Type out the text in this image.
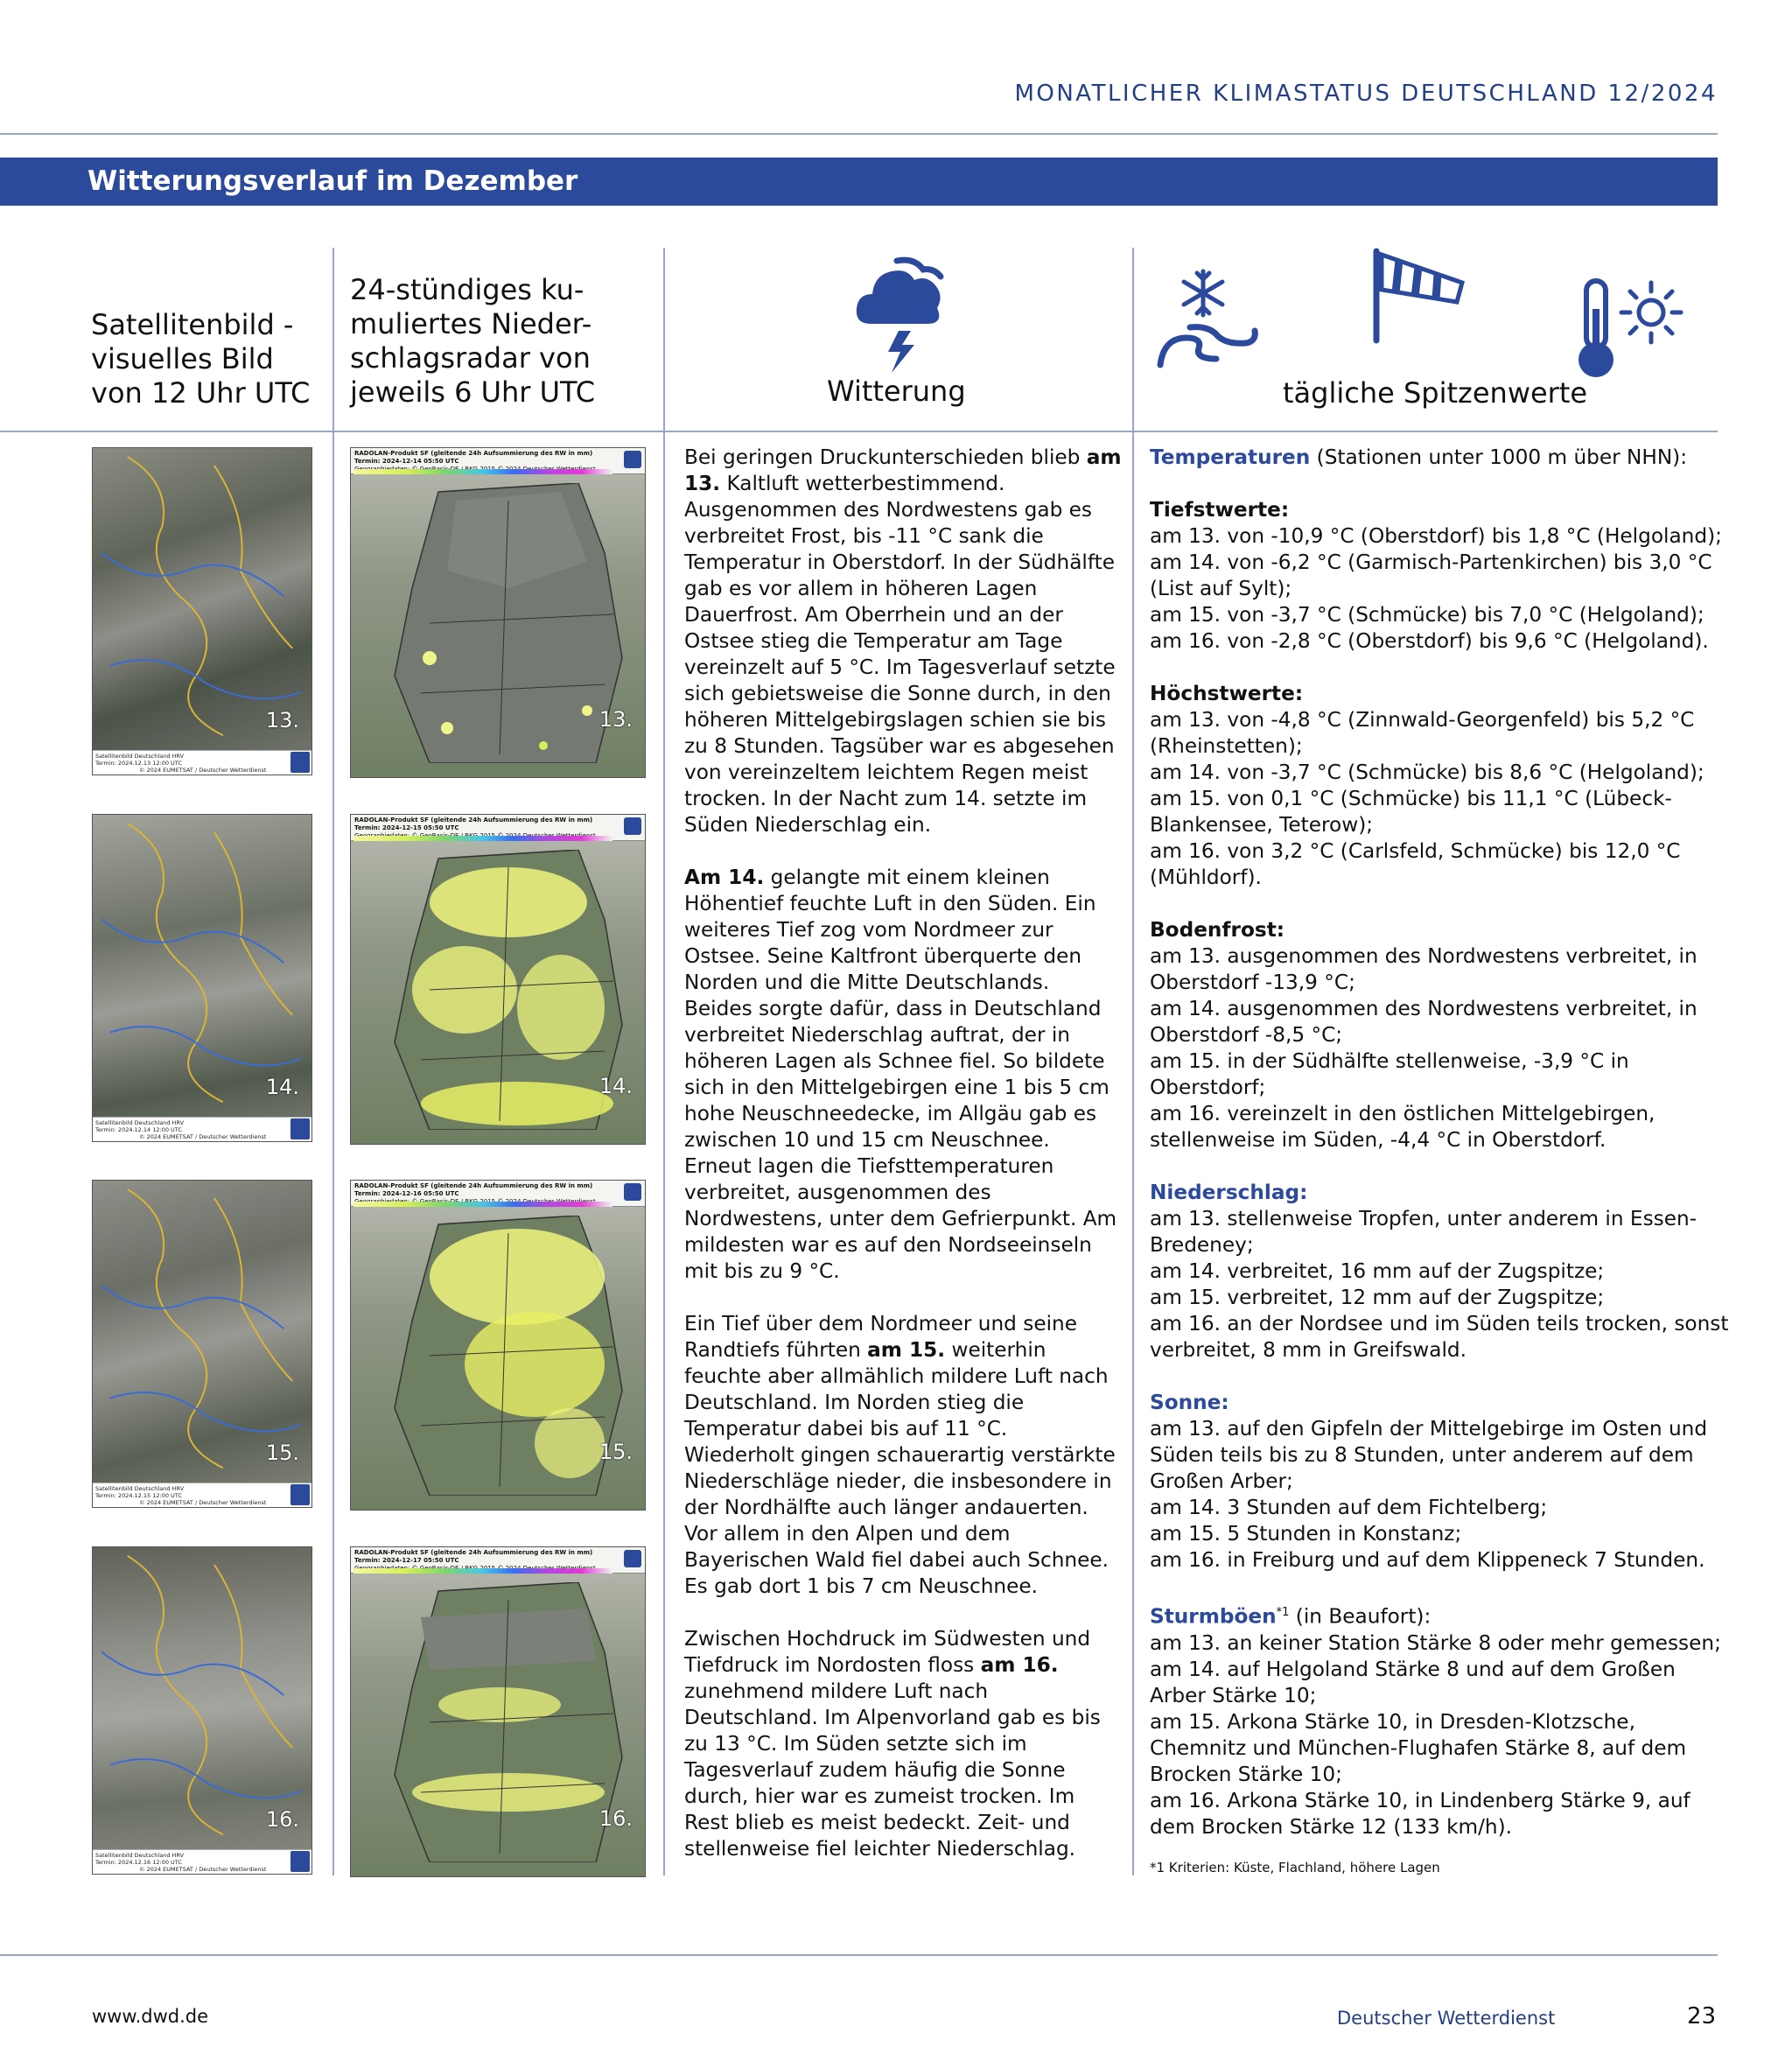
MONATLICHER KLIMASTATUS DEUTSCHLAND 12/2024
Witterungsverlauf im Dezember
Satellitenbild -
visuelles Bild
von 12 Uhr UTC
24-stündiges ku-
muliertes Nieder-
schlagsradar von
jeweils 6 Uhr UTC	Witterung	tägliche Spitzenwerte
13.
Satellitenbild Deutschland HRV
Termin: 2024.12.13 12:00 UTC
© 2024 EUMETSAT / Deutscher Wetterdienst
14.
Satellitenbild Deutschland HRV
Termin: 2024.12.14 12:00 UTC
© 2024 EUMETSAT / Deutscher Wetterdienst
15.
Satellitenbild Deutschland HRV
Termin: 2024.12.15 12:00 UTC
© 2024 EUMETSAT / Deutscher Wetterdienst
16.
Satellitenbild Deutschland HRV
Termin: 2024.12.16 12:00 UTC
© 2024 EUMETSAT / Deutscher Wetterdienst
RADOLAN-Produkt SF (gleitende 24h Aufsummierung des RW in mm)
Termin: 2024-12-14 05:50 UTC
13.
RADOLAN-Produkt SF (gleitende 24h Aufsummierung des RW in mm)
Termin: 2024-12-15 05:50 UTC
14.
RADOLAN-Produkt SF (gleitende 24h Aufsummierung des RW in mm)
Termin: 2024-12-16 05:50 UTC
15.
RADOLAN-Produkt SF (gleitende 24h Aufsummierung des RW in mm)
Termin: 2024-12-17 05:50 UTC
16.

Bei geringen Druckunterschieden blieb am 13. Kaltluft wetterbestimmend. Ausgenommen des Nordwestens gab es verbreitet Frost, bis -11 °C sank die Temperatur in Oberstdorf. In der Südhälfte gab es vor allem in höheren Lagen Dauerfrost. Am Oberrhein und an der Ostsee stieg die Temperatur am Tage vereinzelt auf 5 °C. Im Tagesverlauf setzte sich gebietsweise die Sonne durch, in den höheren Mittelgebirgslagen schien sie bis zu 8 Stunden. Tagsüber war es abgesehen von vereinzeltem leichtem Regen meist trocken. In der Nacht zum 14. setzte im Süden Niederschlag ein.

Am 14. gelangte mit einem kleinen Höhentief feuchte Luft in den Süden. Ein weiteres Tief zog vom Nordmeer zur Ostsee. Seine Kaltfront überquerte den Norden und die Mitte Deutschlands. Beides sorgte dafür, dass in Deutschland verbreitet Niederschlag auftrat, der in höheren Lagen als Schnee fiel. So bildete sich in den Mittelgebirgen eine 1 bis 5 cm hohe Neuschneedecke, im Allgäu gab es zwischen 10 und 15 cm Neuschnee. Erneut lagen die Tiefsttemperaturen verbreitet, ausgenommen des Nordwestens, unter dem Gefrierpunkt. Am mildesten war es auf den Nordseeinseln mit bis zu 9 °C.

Ein Tief über dem Nordmeer und seine Randtiefs führten am 15. weiterhin feuchte aber allmählich mildere Luft nach Deutschland. Im Norden stieg die Temperatur dabei bis auf 11 °C. Wiederholt gingen schauerartig verstärkte Niederschläge nieder, die insbesondere in der Nordhälfte auch länger andauerten. Vor allem in den Alpen und dem Bayerischen Wald fiel dabei auch Schnee. Es gab dort 1 bis 7 cm Neuschnee.

Zwischen Hochdruck im Südwesten und Tiefdruck im Nordosten floss am 16. zunehmend mildere Luft nach Deutschland. Im Alpenvorland gab es bis zu 13 °C. Im Süden setzte sich im Tagesverlauf zudem häufig die Sonne durch, hier war es zumeist trocken. Im Rest blieb es meist bedeckt. Zeit- und stellenweise fiel leichter Niederschlag.

Temperaturen (Stationen unter 1000 m über NHN):
Tiefstwerte:
am 13. von -10,9 °C (Oberstdorf) bis 1,8 °C (Helgoland);
am 14. von -6,2 °C (Garmisch-Partenkirchen) bis 3,0 °C (List auf Sylt);
am 15. von -3,7 °C (Schmücke) bis 7,0 °C (Helgoland);
am 16. von -2,8 °C (Oberstdorf) bis 9,6 °C (Helgoland).
Höchstwerte:
am 13. von -4,8 °C (Zinnwald-Georgenfeld) bis 5,2 °C (Rheinstetten);
am 14. von -3,7 °C (Schmücke) bis 8,6 °C (Helgoland);
am 15. von 0,1 °C (Schmücke) bis 11,1 °C (Lübeck-Blankensee, Teterow);
am 16. von 3,2 °C (Carlsfeld, Schmücke) bis 12,0 °C (Mühldorf).
Bodenfrost:
am 13. ausgenommen des Nordwestens verbreitet, in Oberstdorf -13,9 °C;
am 14. ausgenommen des Nordwestens verbreitet, in Oberstdorf -8,5 °C;
am 15. in der Südhälfte stellenweise, -3,9 °C in Oberstdorf;
am 16. vereinzelt in den östlichen Mittelgebirgen, stellenweise im Süden, -4,4 °C in Oberstdorf.
Niederschlag:
am 13. stellenweise Tropfen, unter anderem in Essen-Bredeney;
am 14. verbreitet, 16 mm auf der Zugspitze;
am 15. verbreitet, 12 mm auf der Zugspitze;
am 16. an der Nordsee und im Süden teils trocken, sonst verbreitet, 8 mm in Greifswald.
Sonne:
am 13. auf den Gipfeln der Mittelgebirge im Osten und Süden teils bis zu 8 Stunden, unter anderem auf dem Großen Arber;
am 14. 3 Stunden auf dem Fichtelberg;
am 15. 5 Stunden in Konstanz;
am 16. in Freiburg und auf dem Klippeneck 7 Stunden.
Sturmböen$^{*1}$ (in Beaufort):
am 13. an keiner Station Stärke 8 oder mehr gemessen;
am 14. auf Helgoland Stärke 8 und auf dem Großen Arber Stärke 10;
am 15. Arkona Stärke 10, in Dresden-Klotzsche, Chemnitz und München-Flughafen Stärke 8, auf dem Brocken Stärke 10;
am 16. Arkona Stärke 10, in Lindenberg Stärke 9, auf dem Brocken Stärke 12 (133 km/h).
*1 Kriterien: Küste, Flachland, höhere Lagen
www.dwd.de	Deutscher Wetterdienst	23
